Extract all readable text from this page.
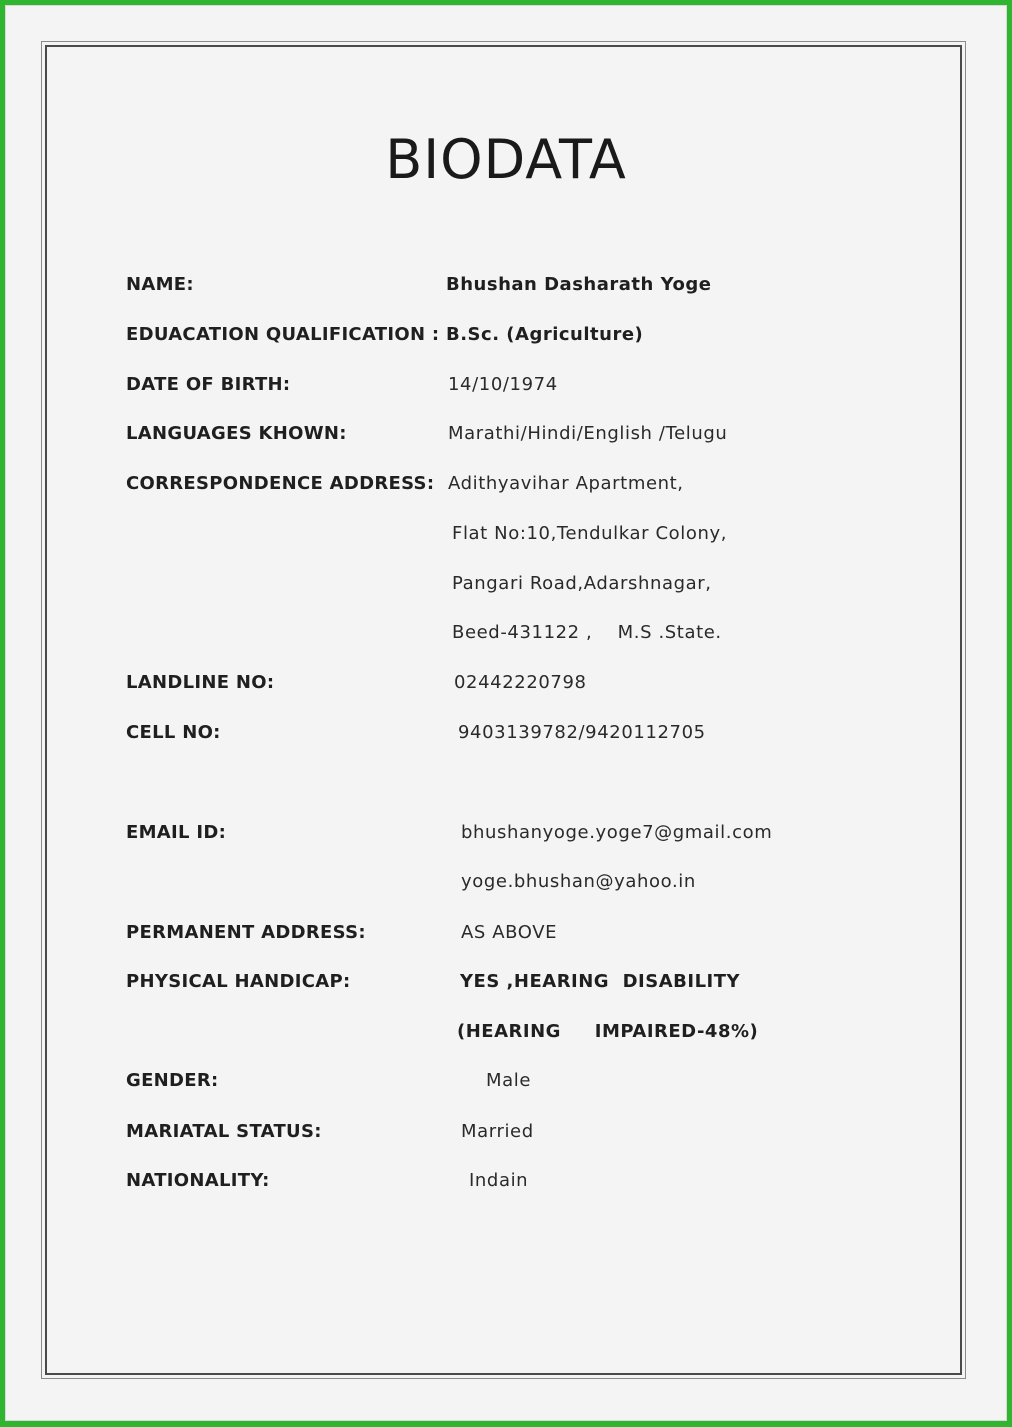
BIODATA
NAME:	Bhushan Dasharath Yoge
EDUACATION QUALIFICATION : B.Sc. (Agriculture)
DATE OF BIRTH:	14/10/1974
LANGUAGES KHOWN:	Marathi/Hindi/English /Telugu
CORRESPONDENCE ADDRESS: Adithyavihar Apartment,
Flat No:10,Tendulkar Colony,
Pangari Road,Adarshnagar,
Beed-431122 ,    M.S .State.
LANDLINE NO:	02442220798
CELL NO:	9403139782/9420112705
EMAIL ID:	bhushanyoge.yoge7@gmail.com
yoge.bhushan@yahoo.in
PERMANENT ADDRESS:	AS ABOVE
PHYSICAL HANDICAP:	YES ,HEARING  DISABILITY
(HEARING     IMPAIRED-48%)
GENDER:	Male
MARIATAL STATUS:	Married
NATIONALITY:	Indain
